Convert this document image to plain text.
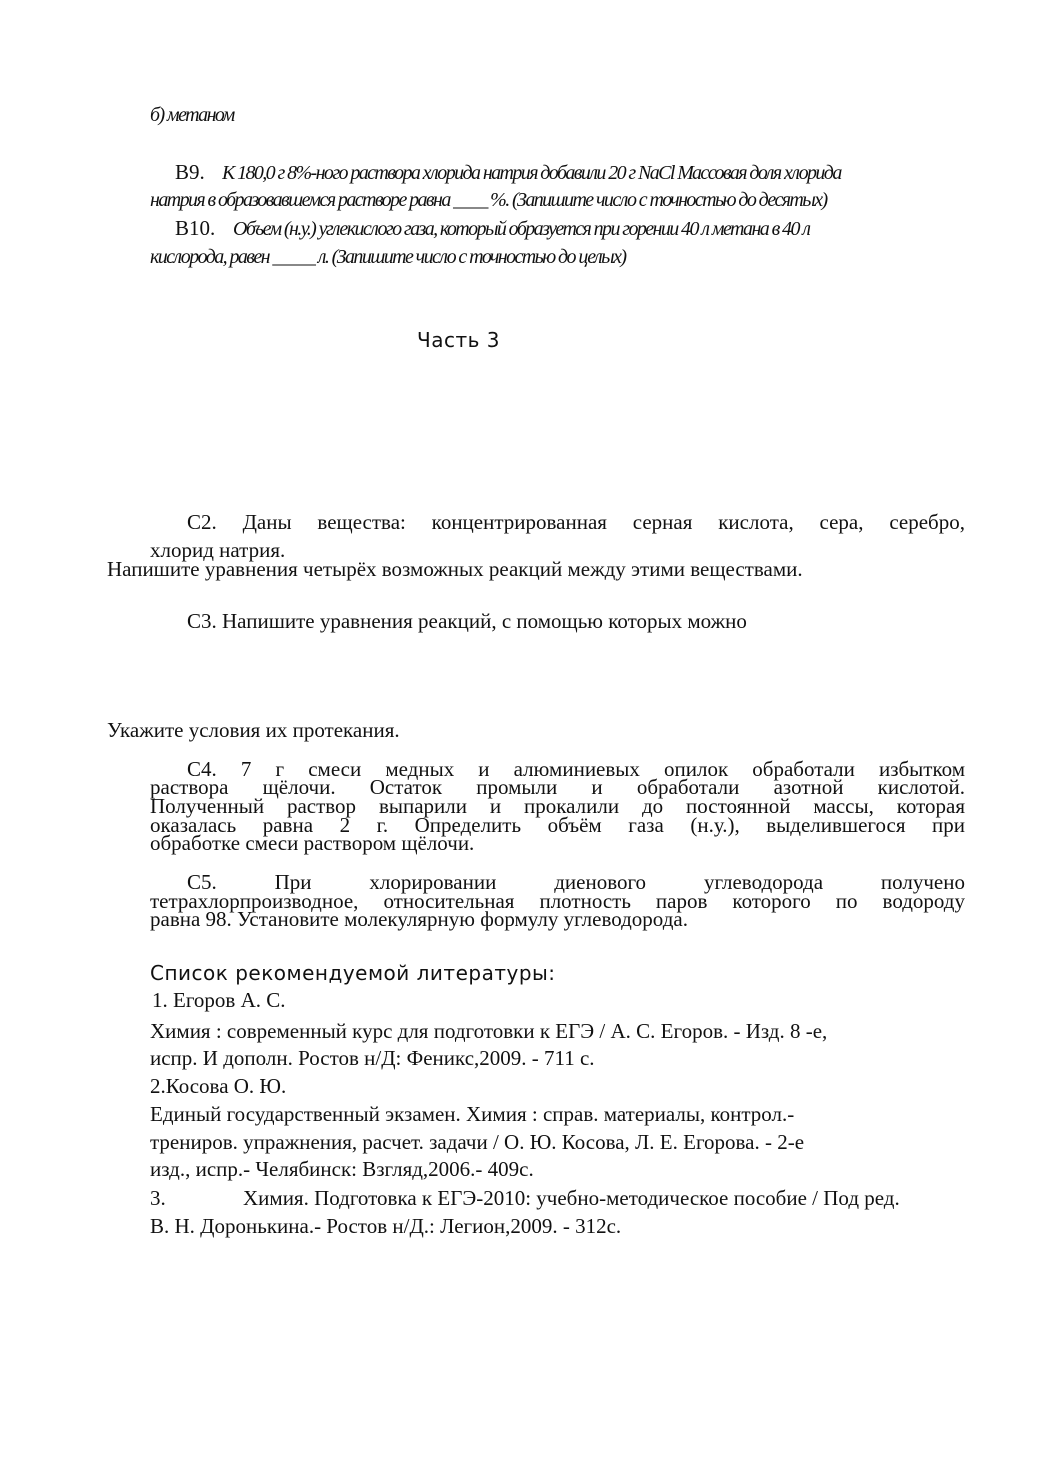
б) метаном
В9. К 180,0 г 8%-ного раствора хлорида натрия добавили 20 г NaCl Массовая доля хлорида
натрия в образовавшемся растворе равна ____ %. (Запишите число с точностью до десятых)
В10. Объем (н.у.) углекислого газа, который образуется при горении 40 л метана в 40 л
кислорода, равен _____ л. (Запишите число с точностью до целых)
Часть 3
С2. Даны вещества: концентрированная серная кислота, сера, серебро,
хлорид натрия.
Напишите уравнения четырёх возможных реакций между этими веществами.
С3. Напишите уравнения реакций, с помощью которых можно
Укажите условия их протекания.
С4. 7 г смеси медных и алюминиевых опилок обработали избытком
раствора щёлочи. Остаток промыли и обработали азотной кислотой.
Полученный раствор выпарили и прокалили до постоянной массы, которая
оказалась равна 2 г. Определить объём газа (н.у.), выделившегося при
обработке смеси раствором щёлочи.
С5. При хлорировании диенового углеводорода получено
тетрахлорпроизводное, относительная плотность паров которого по водороду
равна 98. Установите молекулярную формулу углеводорода.
Список рекомендуемой литературы:
1. Егоров А. С.
Химия : современный курс для подготовки к ЕГЭ / А. С. Егоров. - Изд. 8 -е,
испр. И дополн. Ростов н/Д: Феникс,2009. - 711 с.
2.Косова О. Ю.
Единый государственный экзамен. Химия : справ. материалы, контрол.-
трениров. упражнения, расчет. задачи / О. Ю. Косова, Л. Е. Егорова. - 2-е
изд., испр.- Челябинск: Взгляд,2006.- 409с.
3.	Химия. Подготовка к ЕГЭ-2010: учебно-методическое пособие / Под ред.
В. Н. Доронькина.- Ростов н/Д.: Легион,2009. - 312с.
